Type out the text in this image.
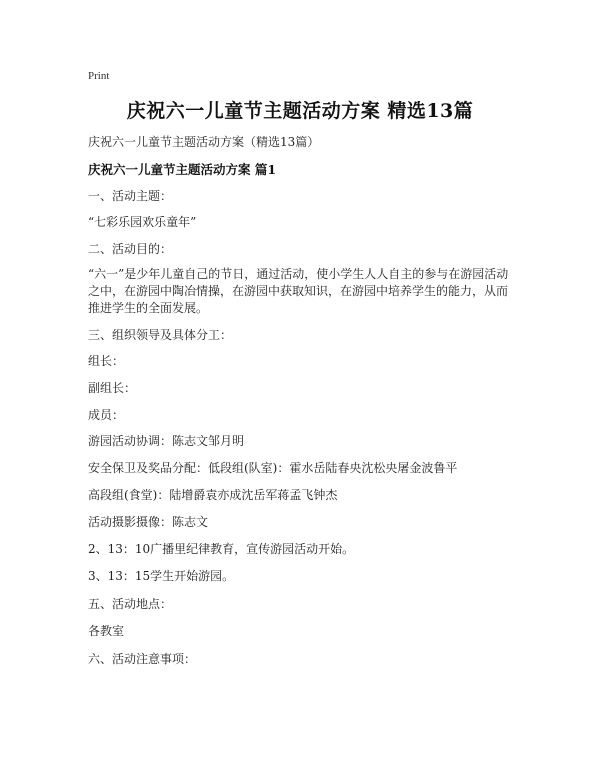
Print
庆祝六一儿童节主题活动方案 精选13篇
庆祝六一儿童节主题活动方案（精选13篇）
庆祝六一儿童节主题活动方案 篇1
一、活动主题：
“七彩乐园欢乐童年”
二、活动目的：
“六一”是少年儿童自己的节日，通过活动，使小学生人人自主的参与在游园活动之中，在游园中陶冶情操，在游园中获取知识，在游园中培养学生的能力，从而推进学生的全面发展。
三、组织领导及具体分工：
组长：
副组长：
成员：
游园活动协调：陈志文邹月明
安全保卫及奖品分配：低段组(队室)：霍水岳陆春央沈松央屠金波鲁平
高段组(食堂)：陆增爵袁亦成沈岳军蒋孟飞钟杰
活动摄影摄像：陈志文
2、13：10广播里纪律教育，宣传游园活动开始。
3、13：15学生开始游园。
五、活动地点：
各教室
六、活动注意事项：
